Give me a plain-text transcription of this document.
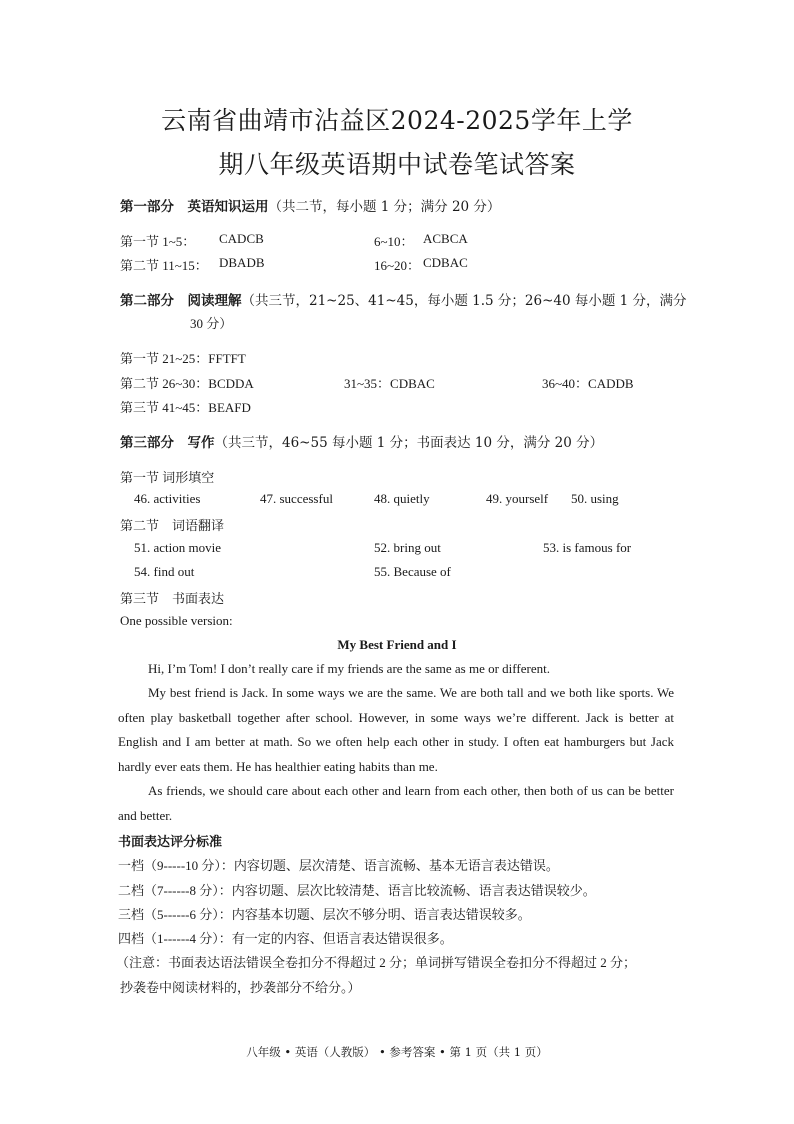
云南省曲靖市沾益区2024-2025学年上学
期八年级英语期中试卷笔试答案
第一部分　英语知识运用（共二节，每小题 1 分；满分 20 分）
第一节 1~5： CADCB	6~10： ACBCA
第二节 11~15： DBADB	16~20： CDBAC
第二部分　阅读理解（共三节，21~25、41~45，每小题 1.5 分；26~40 每小题 1 分，满分
30 分）
第一节 21~25：FFTFT
第二节 26~30：BCDDA	31~35：CDBAC	36~40：CADDB
第三节 41~45：BEAFD
第三部分　写作（共三节，46~55 每小题 1 分；书面表达 10 分，满分 20 分）
第一节 词形填空
46. activities	47. successful	48. quietly	49. yourself 50. using
第二节　词语翻译
51. action movie	52. bring out	53. is famous for
54. find out	55. Because of
第三节　书面表达
One possible version:
My Best Friend and I
Hi, I’m Tom! I don’t really care if my friends are the same as me or different.
My best friend is Jack. In some ways we are the same. We are both tall and we both like sports. We often play basketball together after school. However, in some ways we’re different. Jack is better at English and I am better at math. So we often help each other in study. I often eat hamburgers but Jack hardly ever eats them. He has healthier eating habits than me.
As friends, we should care about each other and learn from each other, then both of us can be better and better.
书面表达评分标准
一档（9-----10 分）：内容切题、层次清楚、语言流畅、基本无语言表达错误。
二档（7------8 分）：内容切题、层次比较清楚、语言比较流畅、语言表达错误较少。
三档（5------6 分）：内容基本切题、层次不够分明、语言表达错误较多。
四档（1------4 分）：有一定的内容、但语言表达错误很多。
（注意：书面表达语法错误全卷扣分不得超过 2 分；单词拼写错误全卷扣分不得超过 2 分；
抄袭卷中阅读材料的，抄袭部分不给分。）
八年级 • 英语（人教版） • 参考答案 • 第 1 页（共 1 页）
